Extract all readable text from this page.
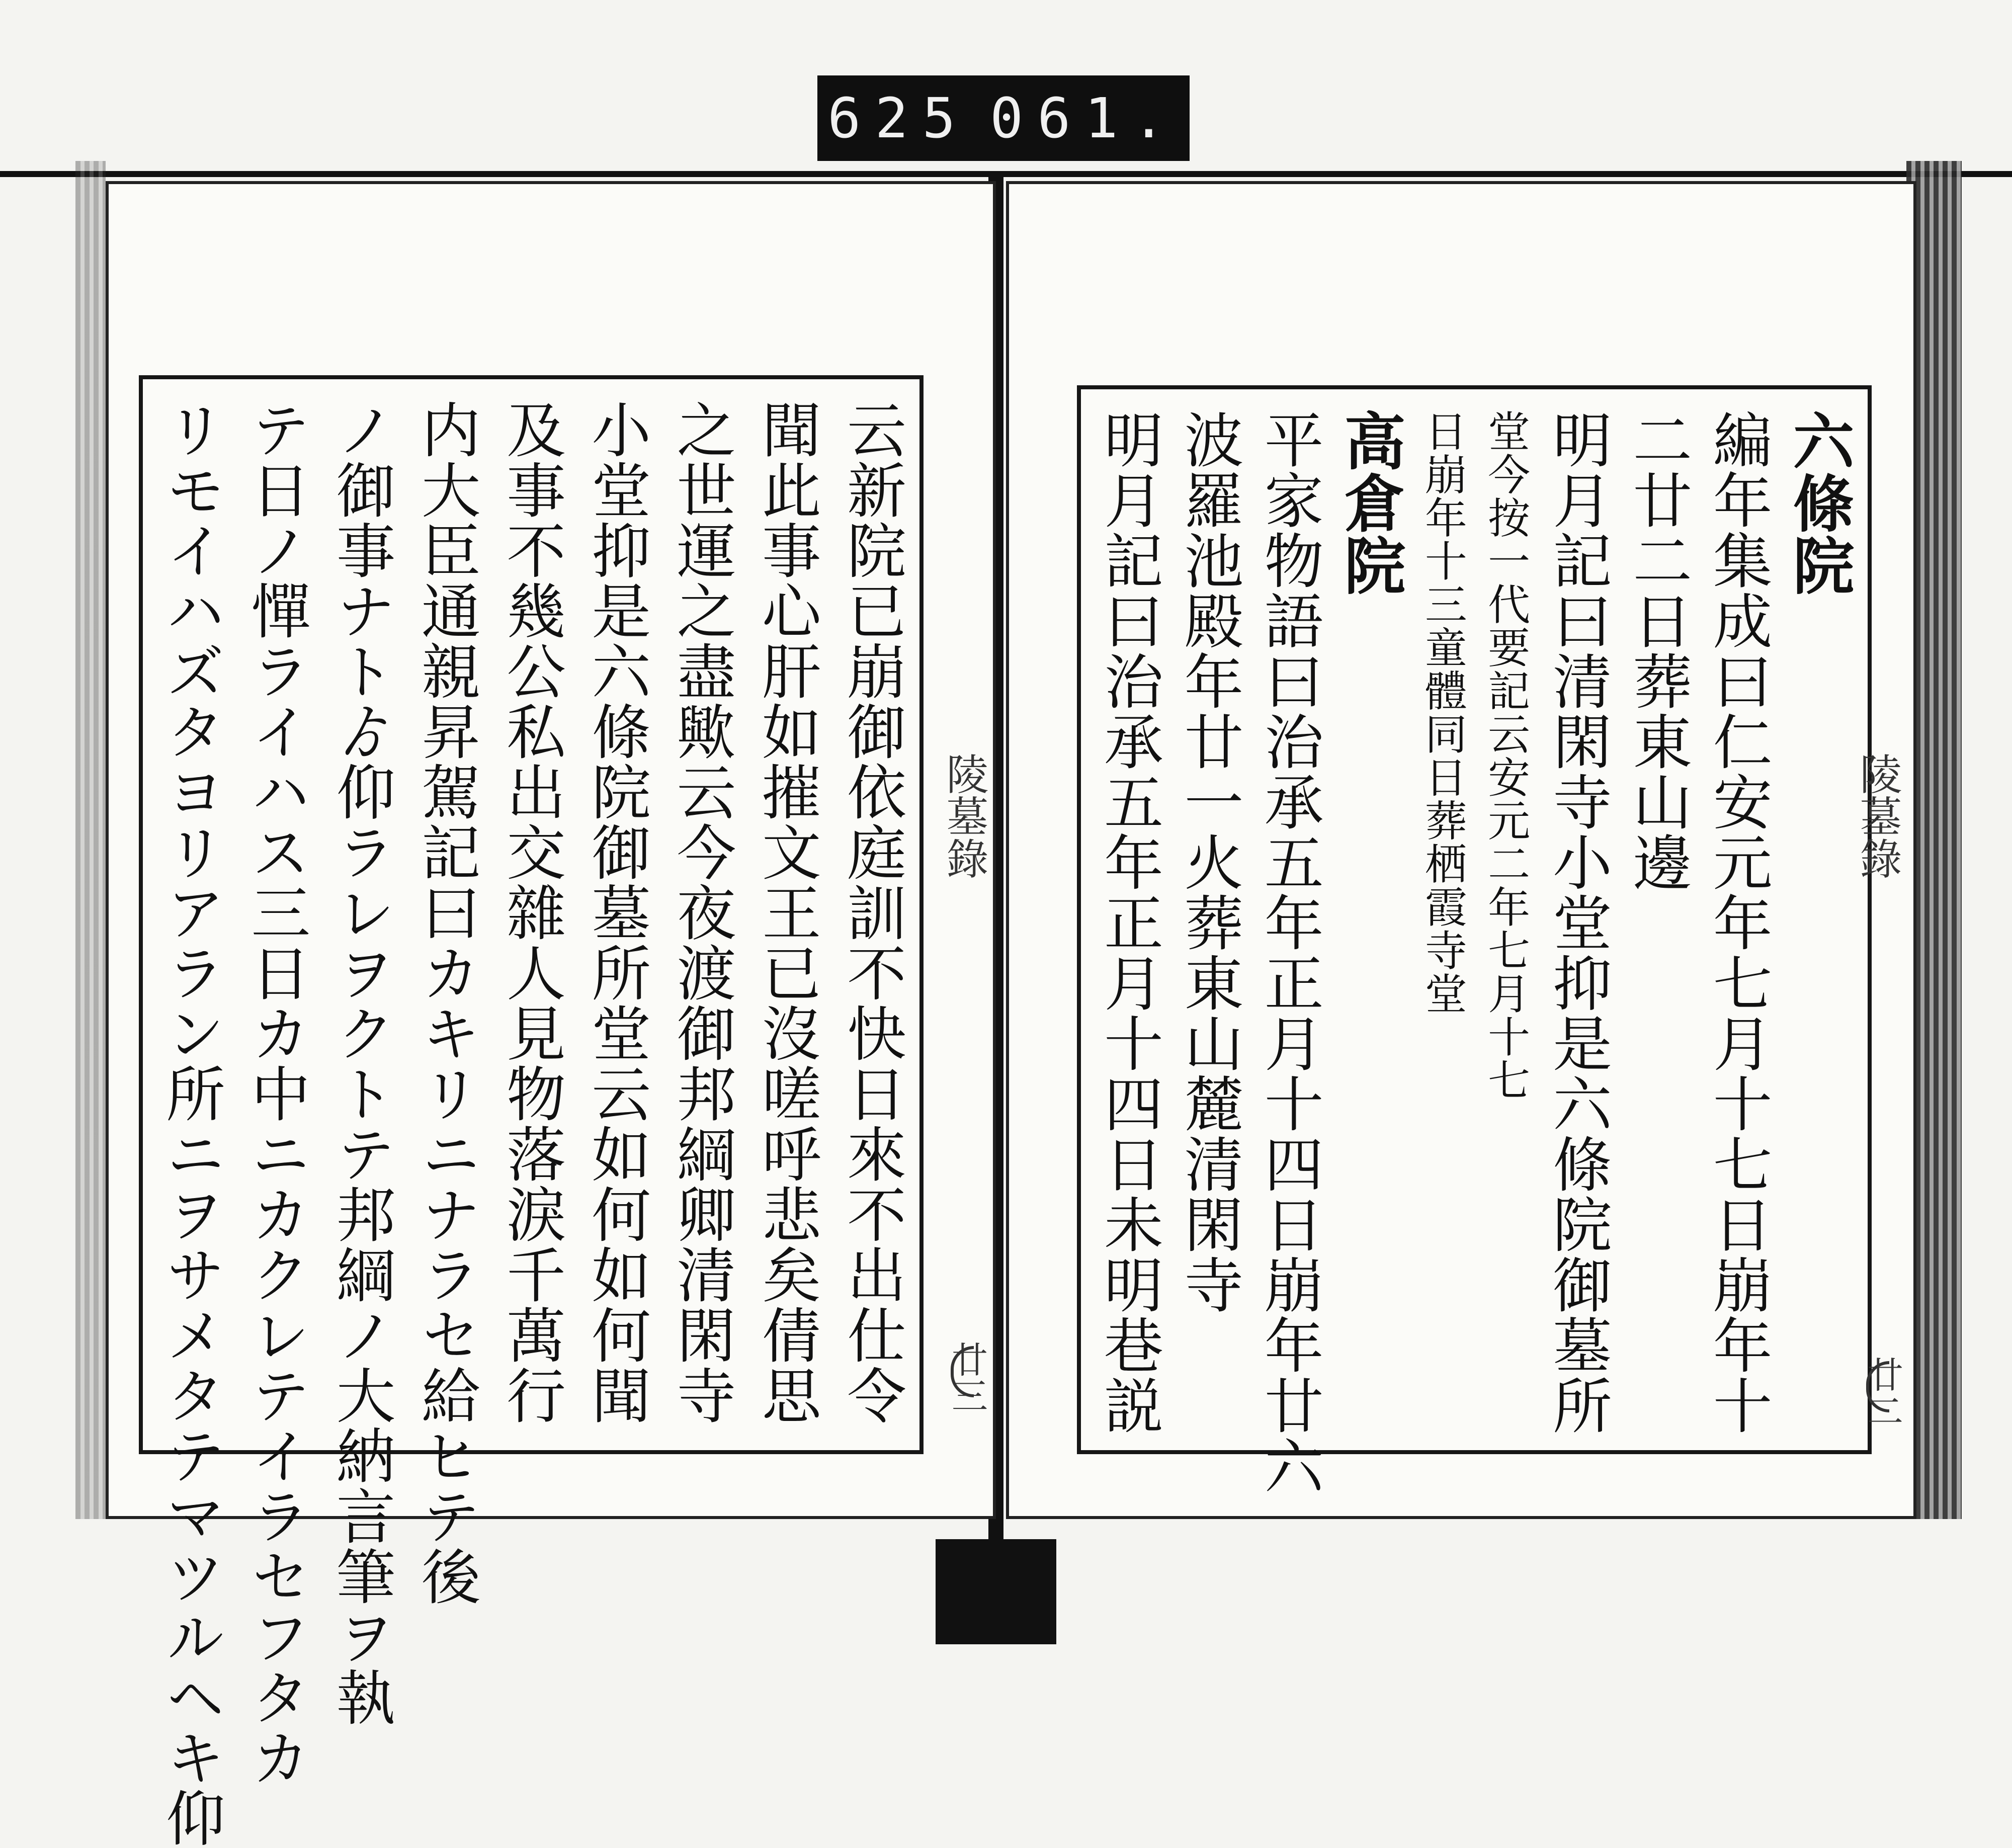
625 061.
云新院已崩御依庭訓不快日來不出仕令
聞此事心肝如摧文王已沒嗟呼悲矣倩思
之世運之盡歟云今夜渡御邦綱卿清閑寺
小堂抑是六條院御墓所堂云如何如何聞
及事不幾公私出交雜人見物落淚千萬行
内大臣通親昇駕記曰カキリニナラセ給ヒテ後
ノ御事ナトゟ仰ラレヲクトテ邦綱ノ大納言筆ヲ執
テ日ノ憚ライハス三日カ中ニカクレテイラセフタカ
リモイハズタヨリアラン所ニヲサメタテマツルヘキ仰	陵墓錄
廿三
六條院
編年集成曰仁安元年七月十七日崩年十
二廿二日葬東山邊
明月記曰清閑寺小堂抑是六條院御墓所
堂今按一代要記云安元二年七月十七
日崩年十三童體同日葬栖霞寺堂
高倉院
平家物語曰治承五年正月十四日崩年廿六
波羅池殿年廿一火葬東山麓清閑寺
明月記曰治承五年正月十四日未明巷説	陵墓錄
廿二
